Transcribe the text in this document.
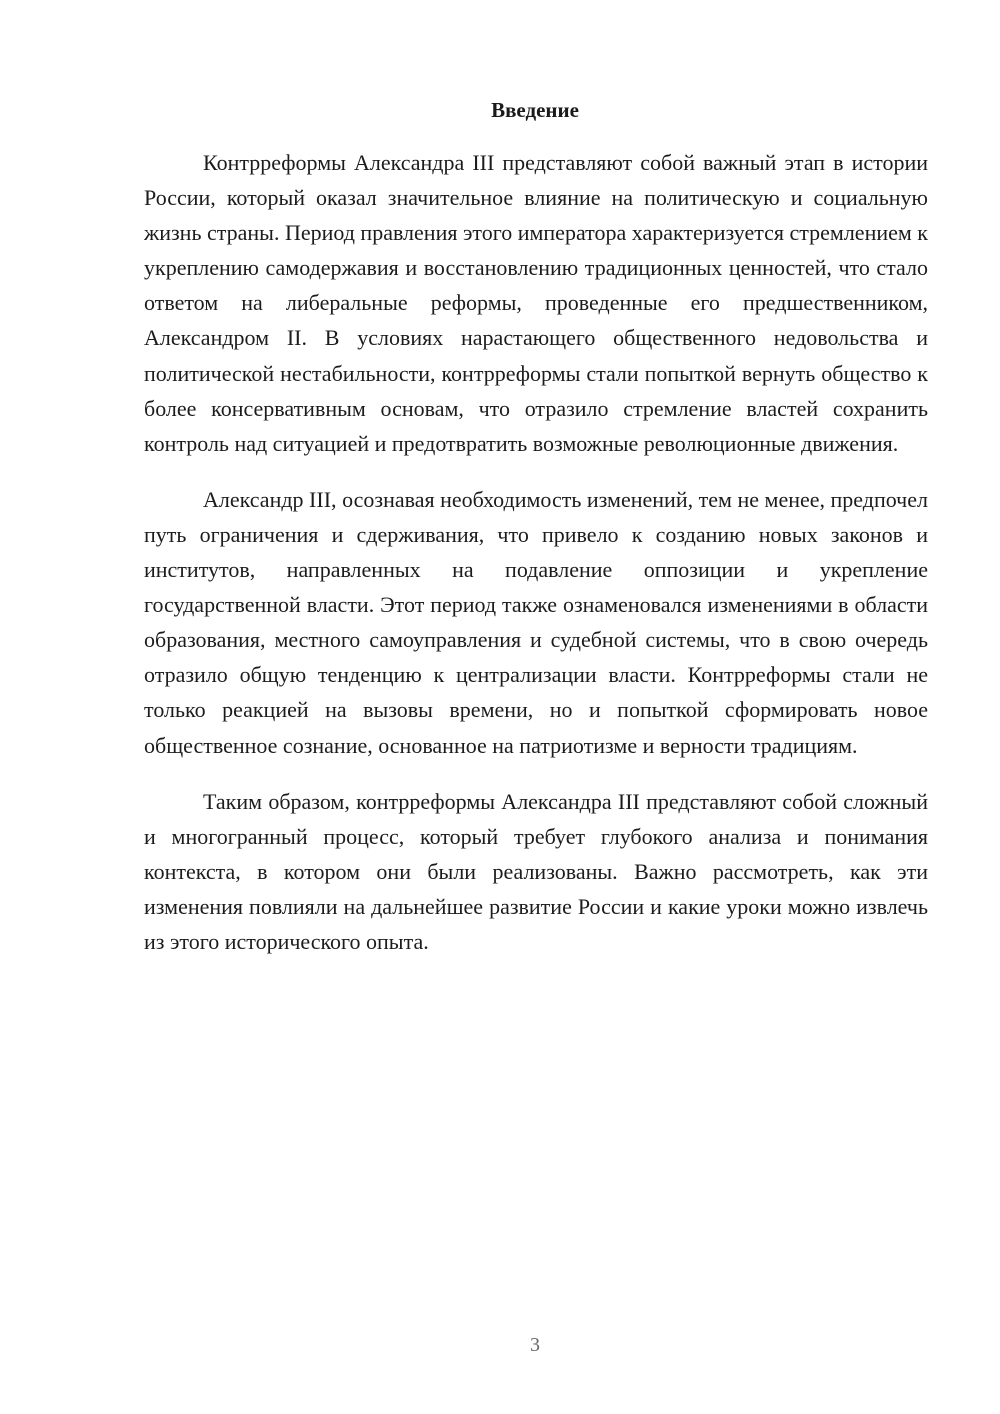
Введение

Контрреформы Александра III представляют собой важный этап в истории России, который оказал значительное влияние на политическую и социальную жизнь страны. Период правления этого императора характеризуется стремлением к укреплению самодержавия и восстановлению традиционных ценностей, что стало ответом на либеральные реформы, проведенные его предшественником, Александром II. В условиях нарастающего общественного недовольства и политической нестабильности, контрреформы стали попыткой вернуть общество к более консервативным основам, что отразило стремление властей сохранить контроль над ситуацией и предотвратить возможные революционные движения.

Александр III, осознавая необходимость изменений, тем не менее, предпочел путь ограничения и сдерживания, что привело к созданию новых законов и институтов, направленных на подавление оппозиции и укрепление государственной власти. Этот период также ознаменовался изменениями в области образования, местного самоуправления и судебной системы, что в свою очередь отразило общую тенденцию к централизации власти. Контрреформы стали не только реакцией на вызовы времени, но и попыткой сформировать новое общественное сознание, основанное на патриотизме и верности традициям.

Таким образом, контрреформы Александра III представляют собой сложный и многогранный процесс, который требует глубокого анализа и понимания контекста, в котором они были реализованы. Важно рассмотреть, как эти изменения повлияли на дальнейшее развитие России и какие уроки можно извлечь из этого исторического опыта.

3
